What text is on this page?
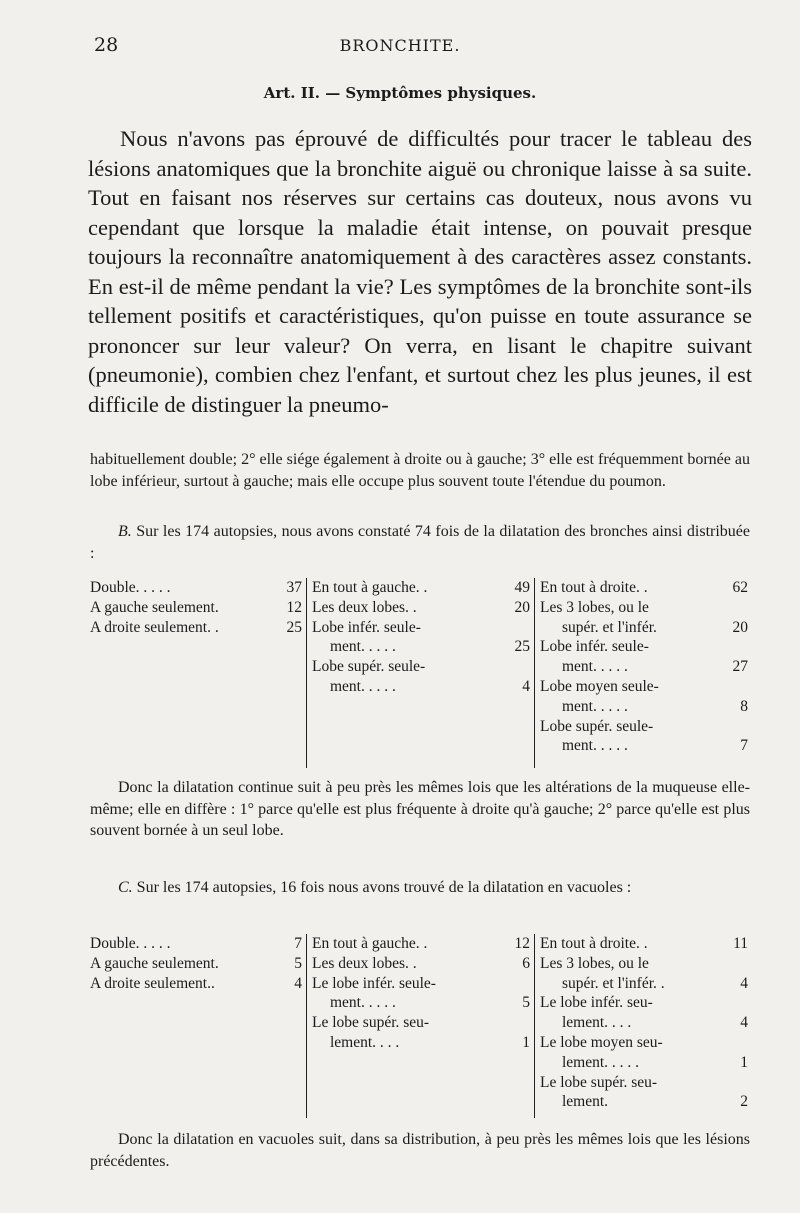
28	BRONCHITE.
Art. II. — Symptômes physiques.

Nous n'avons pas éprouvé de difficultés pour tracer le tableau des lésions anatomiques que la bronchite aiguë ou chronique laisse à sa suite. Tout en faisant nos réserves sur certains cas douteux, nous avons vu cependant que lorsque la maladie était intense, on pouvait presque toujours la reconnaître anatomiquement à des caractères assez constants. En est-il de même pendant la vie? Les symptômes de la bronchite sont-ils tellement positifs et caractéristiques, qu'on puisse en toute assurance se prononcer sur leur valeur? On verra, en lisant le chapitre suivant (pneumonie), combien chez l'enfant, et surtout chez les plus jeunes, il est difficile de distinguer la pneumo-

habituellement double; 2° elle siége également à droite ou à gauche; 3° elle est fréquemment bornée au lobe inférieur, surtout à gauche; mais elle occupe plus souvent toute l'étendue du poumon.

B. Sur les 174 autopsies, nous avons constaté 74 fois de la dilatation des bronches ainsi distribuée :

Double. . . . .	37
A gauche seulement.	12
A droite seulement. .	25
En tout à gauche. .	49
Les deux lobes. .	20
Lobe infér. seule-
ment. . . . .	25
Lobe supér. seule-
ment. . . . .	4
En tout à droite. .	62
Les 3 lobes, ou le
supér. et l'infér.	20
Lobe infér. seule-
ment. . . . .	27
Lobe moyen seule-
ment. . . . .	8
Lobe supér. seule-
ment. . . . .	7

Donc la dilatation continue suit à peu près les mêmes lois que les altérations de la muqueuse elle-même; elle en diffère : 1° parce qu'elle est plus fréquente à droite qu'à gauche; 2° parce qu'elle est plus souvent bornée à un seul lobe.

C. Sur les 174 autopsies, 16 fois nous avons trouvé de la dilatation en vacuoles :

Double. . . . .	7
A gauche seulement.	5
A droite seulement..	4
En tout à gauche. .	12
Les deux lobes. .	6
Le lobe infér. seule-
ment. . . . .	5
Le lobe supér. seu-
lement. . . .	1
En tout à droite. .	11
Les 3 lobes, ou le
supér. et l'infér. .	4
Le lobe infér. seu-
lement. . . .	4
Le lobe moyen seu-
lement. . . . .	1
Le lobe supér. seu-
lement.	2

Donc la dilatation en vacuoles suit, dans sa distribution, à peu près les mêmes lois que les lésions précédentes.
